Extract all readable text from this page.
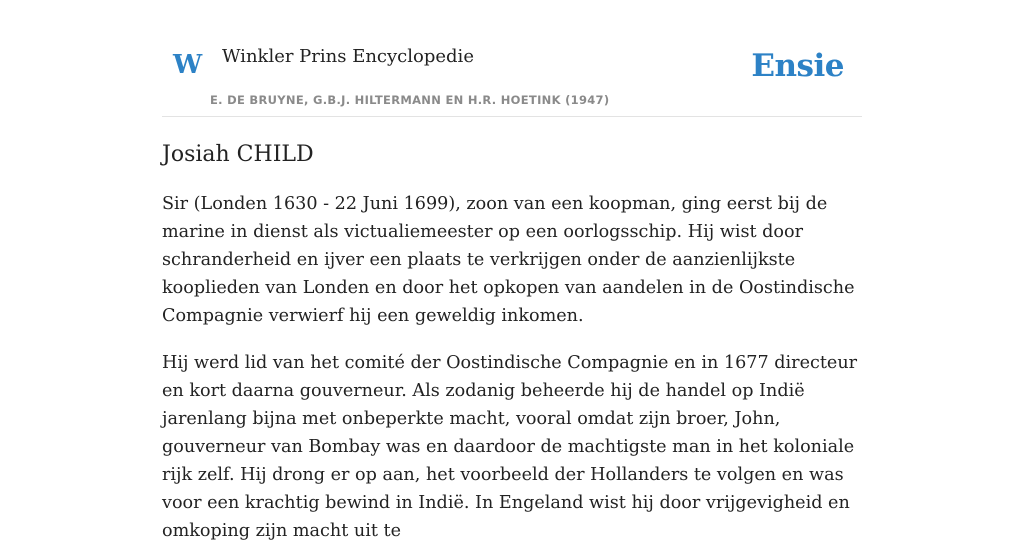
W Winkler Prins Encyclopedie
E. DE BRUYNE, G.B.J. HILTERMANN EN H.R. HOETINK (1947)
Ensie
Josiah CHILD

Sir (Londen 1630 - 22 Juni 1699), zoon van een koopman, ging eerst bij de marine in dienst als victualiemeester op een oorlogsschip. Hij wist door schranderheid en ijver een plaats te verkrijgen onder de aanzienlijkste kooplieden van Londen en door het opkopen van aandelen in de Oostindische Compagnie verwierf hij een geweldig inkomen.

Hij werd lid van het comité der Oostindische Compagnie en in 1677 directeur en kort daarna gouverneur. Als zodanig beheerde hij de handel op Indië jarenlang bijna met onbeperkte macht, vooral omdat zijn broer, John, gouverneur van Bombay was en daardoor de machtigste man in het koloniale rijk zelf. Hij drong er op aan, het voorbeeld der Hollanders te volgen en was voor een krachtig bewind in Indië. In Engeland wist hij door vrijgevigheid en omkoping zijn macht uit te
